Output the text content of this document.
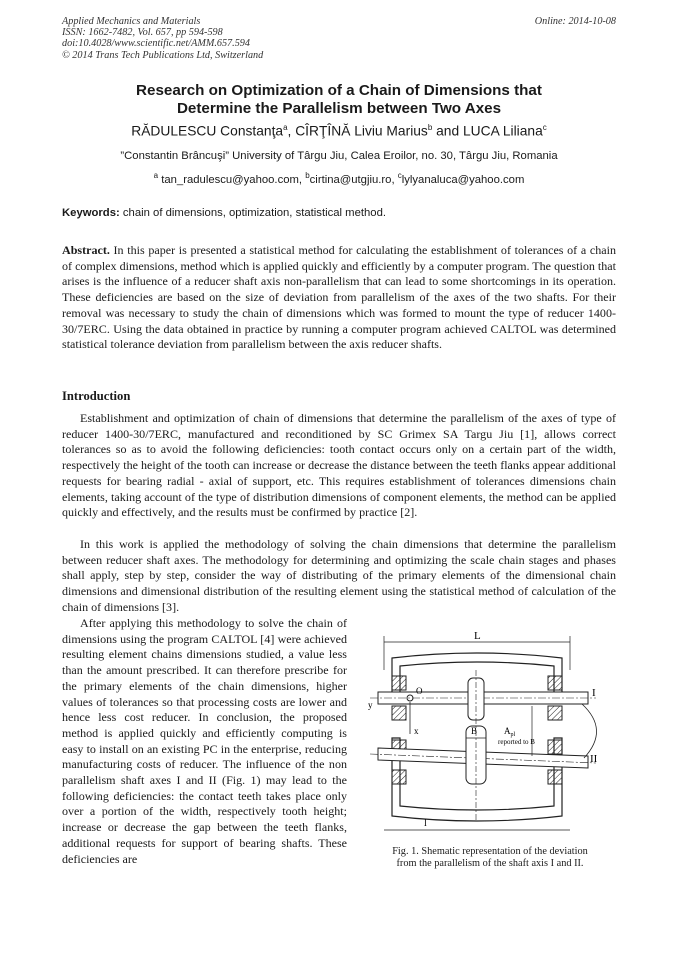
Applied Mechanics and Materials
ISSN: 1662-7482, Vol. 657, pp 594-598
doi:10.4028/www.scientific.net/AMM.657.594
© 2014 Trans Tech Publications Ltd, Switzerland
Online: 2014-10-08
Research on Optimization of a Chain of Dimensions that
Determine the Parallelism between Two Axes
RĂDULESCU Constanţa$^a$, CÎRŢÎNĂ Liviu Marius$^b$ and LUCA Liliana$^c$
”Constantin Brâncuşi” University of Târgu Jiu, Calea Eroilor, no. 30, Târgu Jiu, Romania
$^a$ tan_radulescu@yahoo.com, $^b$cirtina@utgjiu.ro, $^c$lylyanaluca@yahoo.com
Keywords: chain of dimensions, optimization, statistical method.

Abstract. In this paper is presented a statistical method for calculating the establishment of tolerances of a chain of complex dimensions, method which is applied quickly and efficiently by a computer program. The question that arises is the influence of a reducer shaft axis non-parallelism that can lead to some shortcomings in its operation. These deficiencies are based on the size of deviation from parallelism of the axes of the two shafts. For their removal was necessary to study the chain of dimensions which was formed to mount the type of reducer 1400-30/7ERC. Using the data obtained in practice by running a computer program achieved CALTOL was determined statistical tolerance deviation from parallelism between the axis reducer shafts.

Introduction

Establishment and optimization of chain of dimensions that determine the parallelism of the axes of type of reducer 1400-30/7ERC, manufactured and reconditioned by SC Grimex SA Targu Jiu [1], allows correct tolerances so as to avoid the following deficiencies: tooth contact occurs only on a certain part of the width, respectively the height of the tooth can increase or decrease the distance between the teeth flanks appear additional requests for bearing radial - axial of support, etc. This requires establishment of tolerances dimensions chain elements, taking account of the type of distribution dimensions of component elements, the method can be applied quickly and effectively, and the results must be confirmed by practice [2].

In this work is applied the methodology of solving the chain dimensions that determine the parallelism between reducer shaft axes. The methodology for determining and optimizing the scale chain stages and phases shall apply, step by step, consider the way of distributing of the primary elements of the dimensional chain dimensions and dimensional distribution of the resulting element using the statistical method of calculation of the chain of dimensions [3].

After applying this methodology to solve the chain of dimensions using the program CALTOL [4] were achieved resulting element chains dimensions studied, a value less than the amount prescribed. It can therefore prescribe for the primary elements of the chain dimensions, higher values of tolerances so that processing costs are lower and hence less cost reducer. In conclusion, the proposed method is applied quickly and efficiently computing is easy to install on an existing PC in the enterprise, reducing manufacturing costs of reducer. The influence of the non parallelism shaft axes I and II (Fig. 1) may lead to the following deficiencies: the contact teeth takes place only over a portion of the width, respectively tooth height; increase or decrease the gap between the teeth flanks, additional requests for support of bearing shafts. These deficiencies are

L
O
y
x
I
II
B	$A_{pl}$
reported to B
l
Fig. 1. Shematic representation of the deviation
from the parallelism of the shaft axis I and II.
